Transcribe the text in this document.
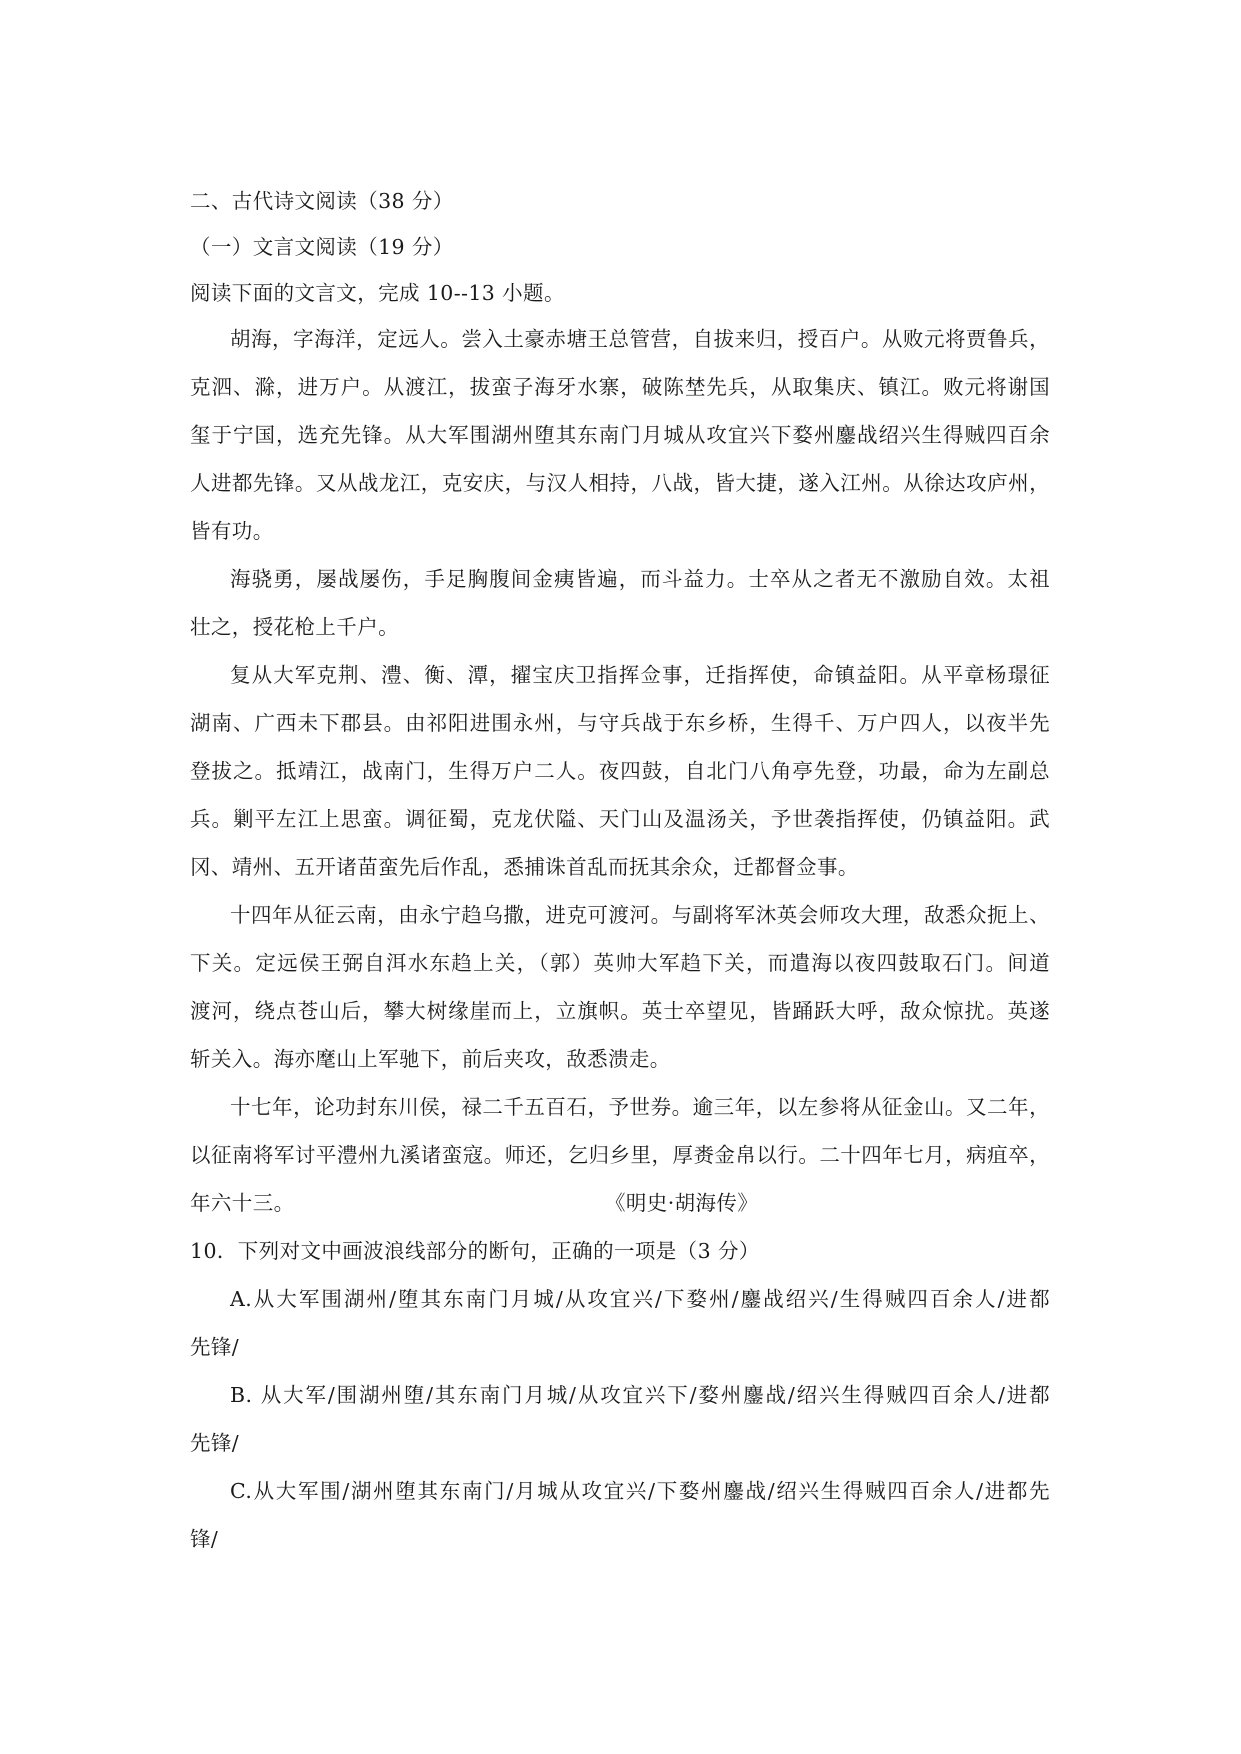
二、古代诗文阅读（38 分）
（一）文言文阅读（19 分）
阅读下面的文言文，完成 10--13 小题。
胡海，字海洋，定远人。尝入土豪赤塘王总管营，自拔来归，授百户。从败元将贾鲁兵，
克泗、滁，进万户。从渡江，拔蛮子海牙水寨，破陈埜先兵，从取集庆、镇江。败元将谢国
玺于宁国，选充先锋。从大军围湖州堕其东南门月城从攻宜兴下婺州鏖战绍兴生得贼四百余
人进都先锋。又从战龙江，克安庆，与汉人相持，八战，皆大捷，遂入江州。从徐达攻庐州，
皆有功。
海骁勇，屡战屡伤，手足胸腹间金痍皆遍，而斗益力。士卒从之者无不激励自效。太祖
壮之，授花枪上千户。
复从大军克荆、澧、衡、潭，擢宝庆卫指挥佥事，迁指挥使，命镇益阳。从平章杨璟征
湖南、广西未下郡县。由祁阳进围永州，与守兵战于东乡桥，生得千、万户四人，以夜半先
登拔之。抵靖江，战南门，生得万户二人。夜四鼓，自北门八角亭先登，功最，命为左副总
兵。剿平左江上思蛮。调征蜀，克龙伏隘、天门山及温汤关，予世袭指挥使，仍镇益阳。武
冈、靖州、五开诸苗蛮先后作乱，悉捕诛首乱而抚其余众，迁都督佥事。
十四年从征云南，由永宁趋乌撒，进克可渡河。与副将军沐英会师攻大理，敌悉众扼上、
下关。定远侯王弼自洱水东趋上关，（郭）英帅大军趋下关，而遣海以夜四鼓取石门。间道
渡河，绕点苍山后，攀大树缘崖而上，立旗帜。英士卒望见，皆踊跃大呼，敌众惊扰。英遂
斩关入。海亦麾山上军驰下，前后夹攻，敌悉溃走。
十七年，论功封东川侯，禄二千五百石，予世券。逾三年，以左参将从征金山。又二年，
以征南将军讨平澧州九溪诸蛮寇。师还，乞归乡里，厚赉金帛以行。二十四年七月，病疽卒，
年六十三。	《明史·胡海传》
10．下列对文中画波浪线部分的断句，正确的一项是（3 分）
A.从大军围湖州/堕其东南门月城/从攻宜兴/下婺州/鏖战绍兴/生得贼四百余人/进都
先锋/
B. 从大军/围湖州堕/其东南门月城/从攻宜兴下/婺州鏖战/绍兴生得贼四百余人/进都
先锋/
C.从大军围/湖州堕其东南门/月城从攻宜兴/下婺州鏖战/绍兴生得贼四百余人/进都先
锋/
